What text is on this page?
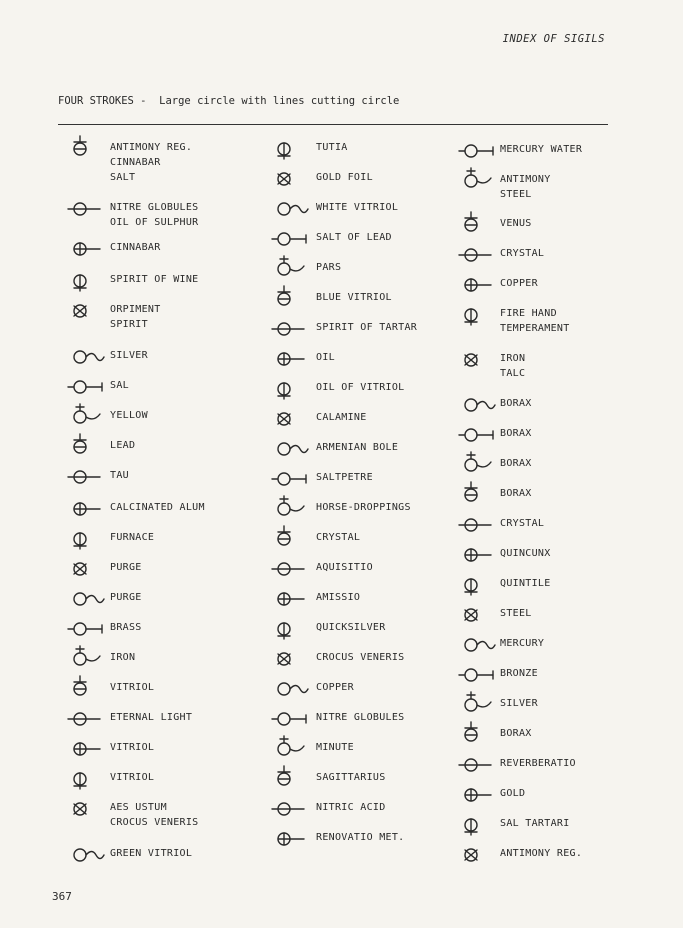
INDEX OF SIGILS
FOUR STROKES -  Large circle with lines cutting circle
ANTIMONY REG.
CINNABAR
SALT
NITRE GLOBULES
OIL OF SULPHUR
CINNABAR
SPIRIT OF WINE
ORPIMENT
SPIRIT
SILVER
SAL
YELLOW
LEAD
TAU
CALCINATED ALUM
FURNACE
PURGE
PURGE
BRASS
IRON
VITRIOL
ETERNAL LIGHT
VITRIOL
VITRIOL
AES USTUM
CROCUS VENERIS
GREEN VITRIOL
TUTIA
GOLD FOIL
WHITE VITRIOL
SALT OF LEAD
PARS
BLUE VITRIOL
SPIRIT OF TARTAR
OIL
OIL OF VITRIOL
CALAMINE
ARMENIAN BOLE
SALTPETRE
HORSE-DROPPINGS
CRYSTAL
AQUISITIO
AMISSIO
QUICKSILVER
CROCUS VENERIS
COPPER
NITRE GLOBULES
MINUTE
SAGITTARIUS
NITRIC ACID
RENOVATIO MET.
MERCURY WATER
ANTIMONY
STEEL
VENUS
CRYSTAL
COPPER
FIRE HAND
TEMPERAMENT
IRON
TALC
BORAX
BORAX
BORAX
BORAX
CRYSTAL
QUINCUNX
QUINTILE
STEEL
MERCURY
BRONZE
SILVER
BORAX
REVERBERATIO
GOLD
SAL TARTARI
ANTIMONY REG.
367
